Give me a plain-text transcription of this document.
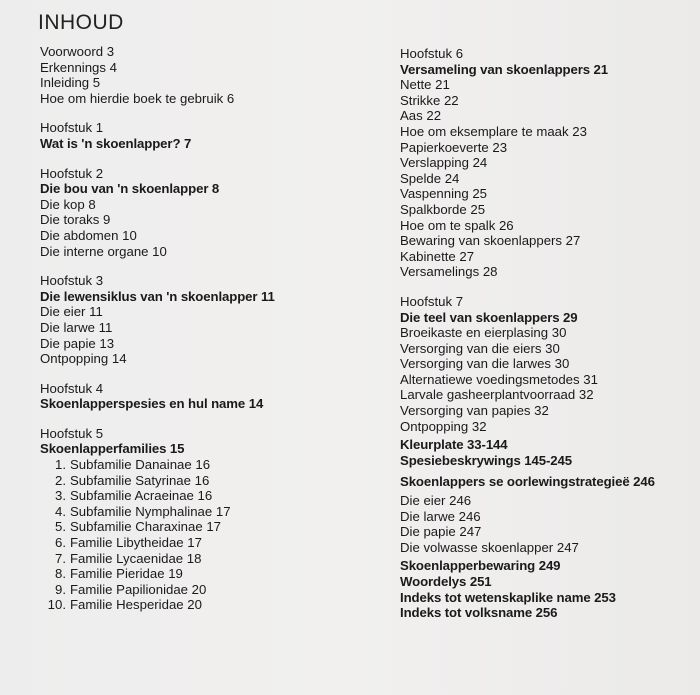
INHOUD
Voorwoord 3
Erkennings 4
Inleiding 5
Hoe om hierdie boek te gebruik 6
Hoofstuk 1
Wat is 'n skoenlapper? 7
Hoofstuk 2
Die bou van 'n skoenlapper 8
Die kop 8
Die toraks 9
Die abdomen 10
Die interne organe 10
Hoofstuk 3
Die lewensiklus van 'n skoenlapper 11
Die eier 11
Die larwe 11
Die papie 13
Ontpopping 14
Hoofstuk 4
Skoenlapperspesies en hul name 14
Hoofstuk 5
Skoenlapperfamilies 15
1. Subfamilie Danainae 16
2. Subfamilie Satyrinae 16
3. Subfamilie Acraeinae 16
4. Subfamilie Nymphalinae 17
5. Subfamilie Charaxinae 17
6. Familie Libytheidae 17
7. Familie Lycaenidae 18
8. Familie Pieridae 19
9. Familie Papilionidae 20
10. Familie Hesperidae 20
Hoofstuk 6
Versameling van skoenlappers 21
Nette 21
Strikke 22
Aas 22
Hoe om eksemplare te maak 23
Papierkoeverte 23
Verslapping 24
Spelde 24
Vaspenning 25
Spalkborde 25
Hoe om te spalk 26
Bewaring van skoenlappers 27
Kabinette 27
Versamelings 28
Hoofstuk 7
Die teel van skoenlappers 29
Broeikaste en eierplasing 30
Versorging van die eiers 30
Versorging van die larwes 30
Alternatiewe voedingsmetodes 31
Larvale gasheerplantvoorraad 32
Versorging van papies 32
Ontpopping 32
Kleurplate 33-144
Spesiebeskrywings 145-245
Skoenlappers se oorlewingstrategieë 246
Die eier 246
Die larwe 246
Die papie 247
Die volwasse skoenlapper 247
Skoenlapperbewaring 249
Woordelys 251
Indeks tot wetenskaplike name 253
Indeks tot volksname 256
